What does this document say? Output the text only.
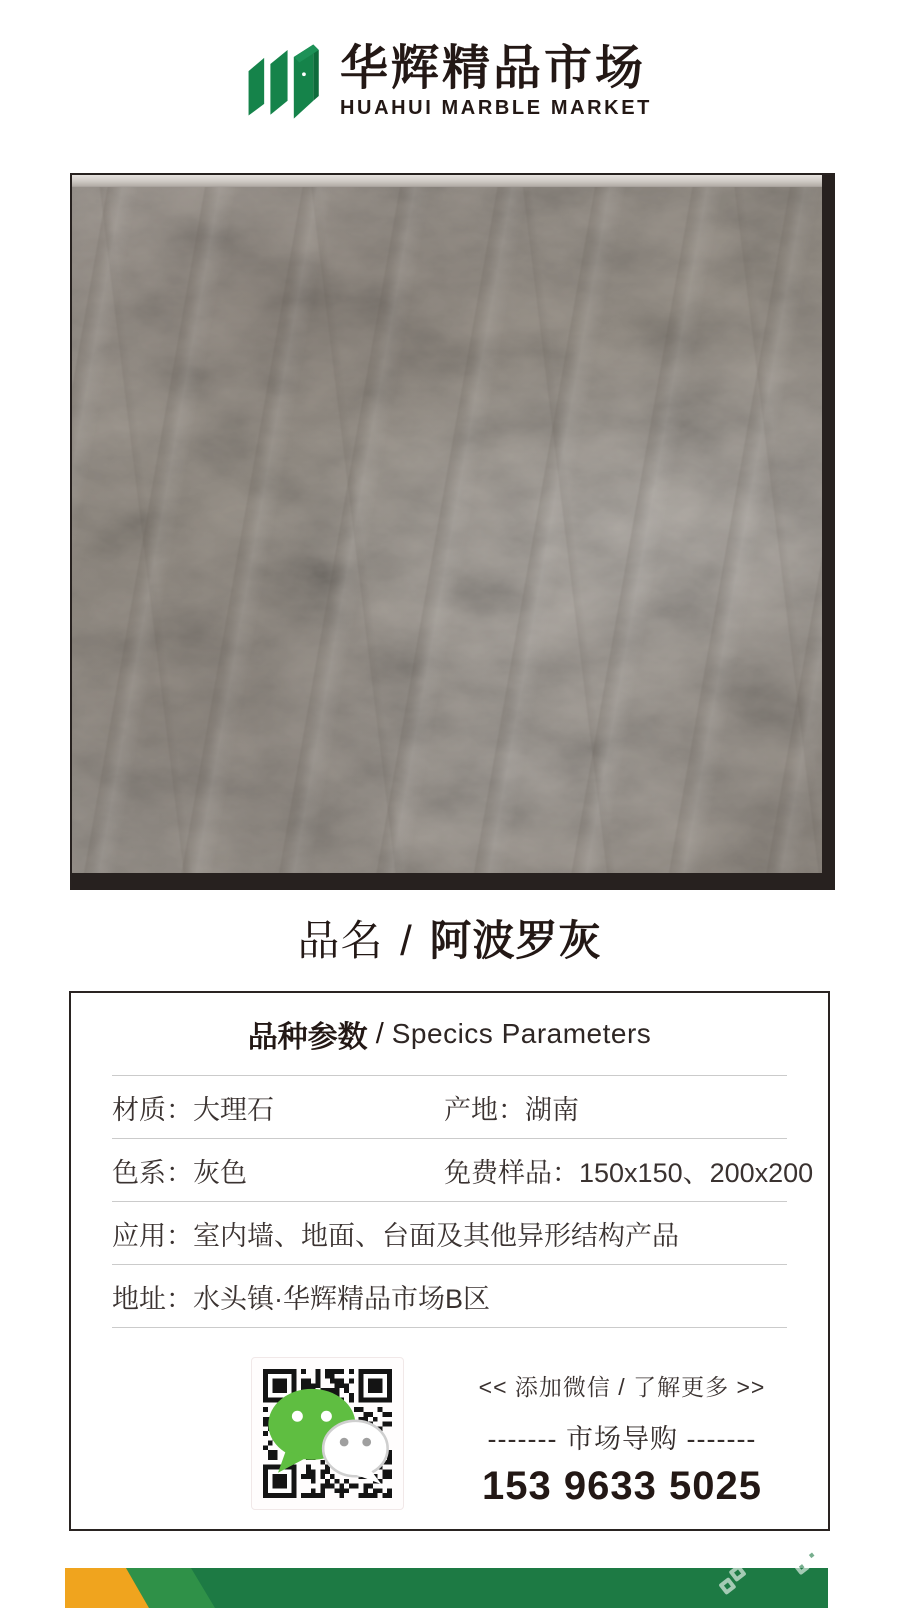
华辉精品市场
HUAHUI MARBLE MARKET
品名 / 阿波罗灰
品种参数 / Specics Parameters
材质：大理石	产地：湖南
色系：灰色	免费样品：150x150、200x200
应用：室内墙、地面、台面及其他异形结构产品
地址：水头镇·华辉精品市场B区
<< 添加微信 / 了解更多 >>
------- 市场导购 -------
153 9633 5025
